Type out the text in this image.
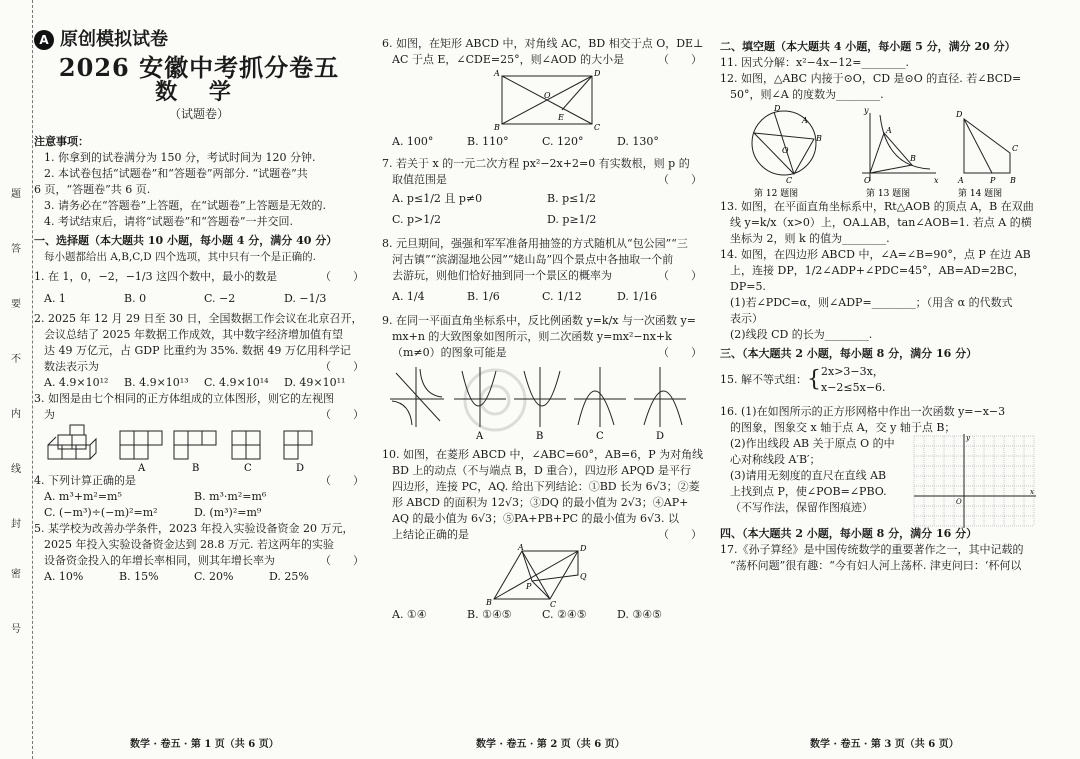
题
答
要
不
内
线
封
密
号
A 原创模拟试卷
2026 安徽中考抓分卷五
数 学
（试题卷）

注意事项：

1. 你拿到的试卷满分为 150 分，考试时间为 120 分钟.

2. 本试卷包括“试题卷”和“答题卷”两部分. “试题卷”共

6 页，“答题卷”共 6 页.

3. 请务必在“答题卷”上答题，在“试题卷”上答题是无效的.

4. 考试结束后，请将“试题卷”和“答题卷”一并交回.

一、选择题（本大题共 10 小题，每小题 4 分，满分 40 分）

每小题都给出 A,B,C,D 四个选项，其中只有一个是正确的.

1. 在 1，0，−2，−1/3 这四个数中，最小的数是	（　　）

A. 1	B. 0	C. −2	D. −1/3

2. 2025 年 12 月 29 日至 30 日，全国数据工作会议在北京召开，

会议总结了 2025 年数据工作成效，其中数字经济增加值有望

达 49 万亿元，占 GDP 比重约为 35%. 数据 49 万亿用科学记

数法表示为	（　　）

A. 4.9×10¹²	B. 4.9×10¹³	C. 4.9×10¹⁴	D. 49×10¹¹

3. 如图是由七个相同的正方体组成的立体图形，则它的左视图

为	（　　）

A	B	C	D

4. 下列计算正确的是	（　　）

A. m³+m²=m⁵	B. m³·m²=m⁶
C. (−m³)÷(−m)²=m²	D. (m³)²=m⁹

5. 某学校为改善办学条件，2023 年投入实验设备资金 20 万元，

2025 年投入实验设备资金达到 28.8 万元. 若这两年的实验

设备资金投入的年增长率相同，则其年增长率为	（　　）

A. 10%	B. 15%	C. 20%	D. 25%
数学 · 卷五 · 第 1 页（共 6 页）

6. 如图，在矩形 ABCD 中，对角线 AC，BD 相交于点 O，DE⊥

AC 于点 E，∠CDE=25°，则∠AOD 的大小是	（　　）

A	D
B	C
O
E
A. 100°	B. 110°	C. 120°	D. 130°

7. 若关于 x 的一元二次方程 px²−2x+2=0 有实数根，则 p 的

取值范围是	（　　）

A. p≤1/2 且 p≠0	B. p≤1/2
C. p>1/2	D. p≥1/2

8. 元旦期间，强强和军军准备用抽签的方式随机从“包公园”“三

河古镇”“滨湖湿地公园”“姥山岛”四个景点中各抽取一个前

去游玩，则他们恰好抽到同一个景区的概率为	（　　）

A. 1/4	B. 1/6	C. 1/12	D. 1/16

9. 在同一平面直角坐标系中，反比例函数 y=k/x 与一次函数 y=

mx+n 的大致图象如图所示，则二次函数 y=mx²−nx+k

（m≠0）的图象可能是	（　　）

A	B	C	D

10. 如图，在菱形 ABCD 中，∠ABC=60°，AB=6，P 为对角线

BD 上的动点（不与端点 B，D 重合），四边形 APQD 是平行

四边形，连接 PC，AQ. 给出下列结论：①BD 长为 6√3；②菱

形 ABCD 的面积为 12√3；③DQ 的最小值为 2√3；④AP+

AQ 的最小值为 6√3；⑤PA+PB+PC 的最小值为 6√3. 以

上结论正确的是	（　　）

A	D
B	C
P
Q
A. ①④	B. ①④⑤	C. ②④⑤	D. ③④⑤
数学 · 卷五 · 第 2 页（共 6 页）

二、填空题（本大题共 4 小题，每小题 5 分，满分 20 分）

11. 因式分解：x²−4x−12=________.

12. 如图，△ABC 内接于⊙O，CD 是⊙O 的直径. 若∠BCD=

50°，则∠A 的度数为________.

A
D
O
B
C
y
O	x
A
B
D
C
A	P B
第 12 题图	第 13 题图	第 14 题图

13. 如图，在平面直角坐标系中，Rt△AOB 的顶点 A，B 在双曲

线 y=k/x（x>0）上，OA⊥AB，tan∠AOB=1. 若点 A 的横

坐标为 2，则 k 的值为________.

14. 如图，在四边形 ABCD 中，∠A=∠B=90°，点 P 在边 AB

上，连接 DP，1/2∠ADP+∠PDC=45°，AB=AD=2BC，

DP=5.

(1)若∠PDC=α，则∠ADP=________；（用含 α 的代数式

表示）

(2)线段 CD 的长为________.

三、（本大题共 2 小题，每小题 8 分，满分 16 分）

15. 解不等式组： { 2x>3−3x，
x−2≤5x−6.

16. (1)在如图所示的正方形网格中作出一次函数 y=−x−3

的图象，图象交 x 轴于点 A，交 y 轴于点 B；

(2)作出线段 AB 关于原点 O 的中

心对称线段 A′B′；

(3)请用无刻度的直尺在直线 AB

上找到点 P，使∠POB=∠PBO.

（不写作法，保留作图痕迹）

y
x
O

四、（本大题共 2 小题，每小题 8 分，满分 16 分）

17.《孙子算经》是中国传统数学的重要著作之一，其中记载的

“荡杯问题”很有趣：“今有妇人河上荡杯. 津吏问曰：‘杯何以

数学 · 卷五 · 第 3 页（共 6 页）
